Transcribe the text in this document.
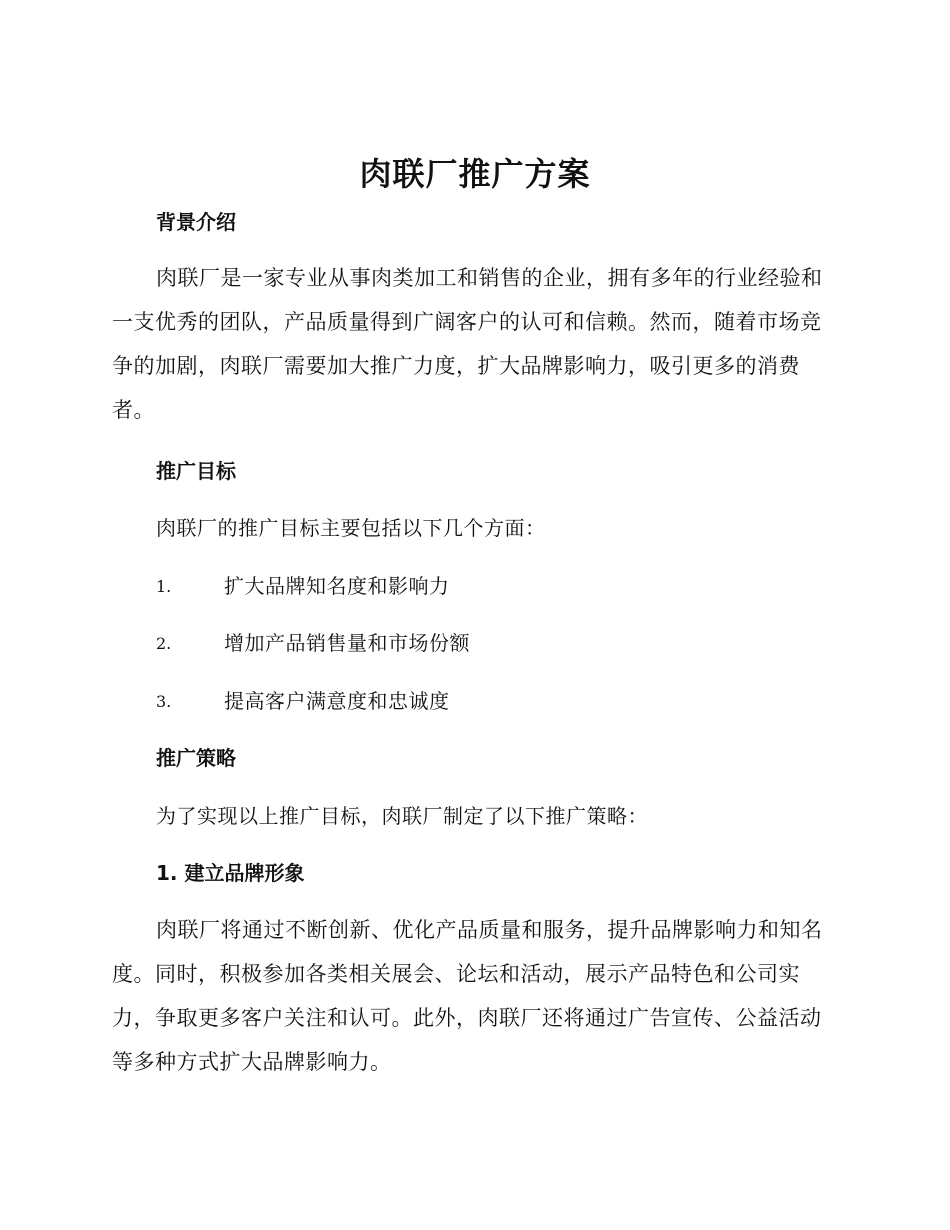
肉联厂推广方案
背景介绍

肉联厂是一家专业从事肉类加工和销售的企业，拥有多年的行业经验和一支优秀的团队，产品质量得到广阔客户的认可和信赖。然而，随着市场竞争的加剧，肉联厂需要加大推广力度，扩大品牌影响力，吸引更多的消费者。

推广目标
肉联厂的推广目标主要包括以下几个方面：
1.	扩大品牌知名度和影响力
2.	增加产品销售量和市场份额
3.	提高客户满意度和忠诚度
推广策略
为了实现以上推广目标，肉联厂制定了以下推广策略：
1. 建立品牌形象

肉联厂将通过不断创新、优化产品质量和服务，提升品牌影响力和知名度。同时，积极参加各类相关展会、论坛和活动，展示产品特色和公司实力，争取更多客户关注和认可。此外，肉联厂还将通过广告宣传、公益活动等多种方式扩大品牌影响力。
